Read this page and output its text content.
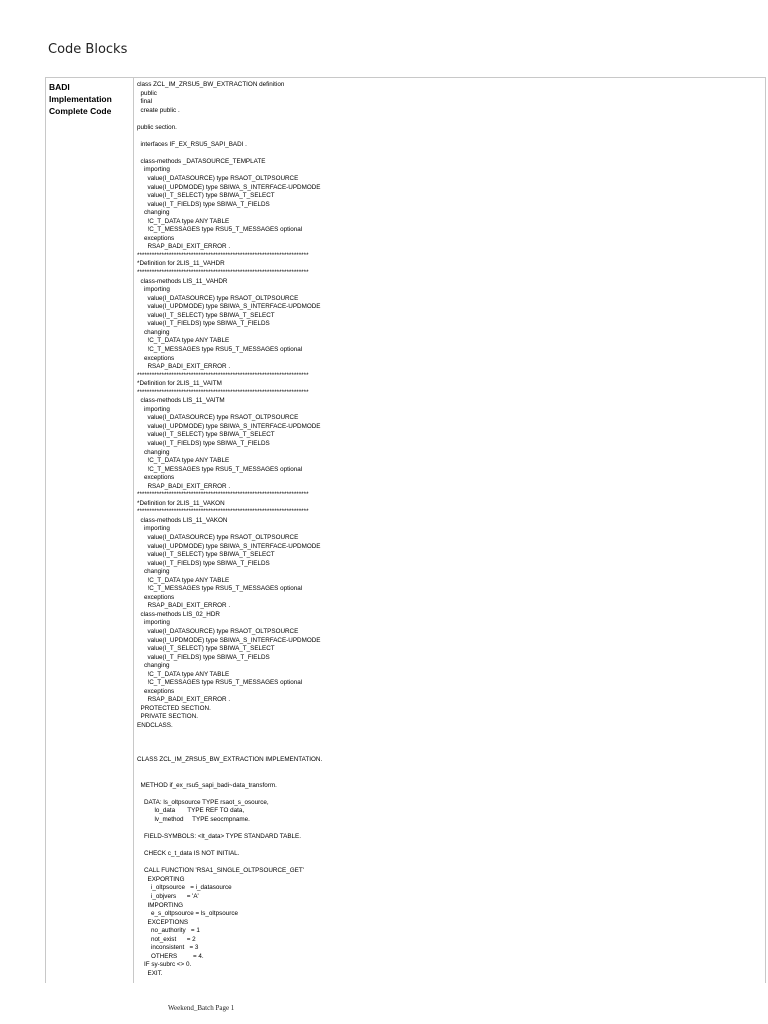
Code Blocks
BADI Implementation
Complete Code
class ZCL_IM_ZRSU5_BW_EXTRACTION definition
public
final
create public .

public section.

interfaces IF_EX_RSU5_SAPI_BADI .

class-methods _DATASOURCE_TEMPLATE
importing
value(I_DATASOURCE) type RSAOT_OLTPSOURCE
value(I_UPDMODE) type SBIWA_S_INTERFACE-UPDMODE
value(I_T_SELECT) type SBIWA_T_SELECT
value(I_T_FIELDS) type SBIWA_T_FIELDS
changing
!C_T_DATA type ANY TABLE
!C_T_MESSAGES type RSU5_T_MESSAGES optional
exceptions
RSAP_BADI_EXIT_ERROR .
**********************************************************************
*Definition for 2LIS_11_VAHDR
**********************************************************************
class-methods LIS_11_VAHDR
importing
value(I_DATASOURCE) type RSAOT_OLTPSOURCE
value(I_UPDMODE) type SBIWA_S_INTERFACE-UPDMODE
value(I_T_SELECT) type SBIWA_T_SELECT
value(I_T_FIELDS) type SBIWA_T_FIELDS
changing
!C_T_DATA type ANY TABLE
!C_T_MESSAGES type RSU5_T_MESSAGES optional
exceptions
RSAP_BADI_EXIT_ERROR .
**********************************************************************
*Definition for 2LIS_11_VAITM
**********************************************************************
class-methods LIS_11_VAITM
importing
value(I_DATASOURCE) type RSAOT_OLTPSOURCE
value(I_UPDMODE) type SBIWA_S_INTERFACE-UPDMODE
value(I_T_SELECT) type SBIWA_T_SELECT
value(I_T_FIELDS) type SBIWA_T_FIELDS
changing
!C_T_DATA type ANY TABLE
!C_T_MESSAGES type RSU5_T_MESSAGES optional
exceptions
RSAP_BADI_EXIT_ERROR .
**********************************************************************
*Definition for 2LIS_11_VAKON
**********************************************************************
class-methods LIS_11_VAKON
importing
value(I_DATASOURCE) type RSAOT_OLTPSOURCE
value(I_UPDMODE) type SBIWA_S_INTERFACE-UPDMODE
value(I_T_SELECT) type SBIWA_T_SELECT
value(I_T_FIELDS) type SBIWA_T_FIELDS
changing
!C_T_DATA type ANY TABLE
!C_T_MESSAGES type RSU5_T_MESSAGES optional
exceptions
RSAP_BADI_EXIT_ERROR .
class-methods LIS_02_HDR
importing
value(I_DATASOURCE) type RSAOT_OLTPSOURCE
value(I_UPDMODE) type SBIWA_S_INTERFACE-UPDMODE
value(I_T_SELECT) type SBIWA_T_SELECT
value(I_T_FIELDS) type SBIWA_T_FIELDS
changing
!C_T_DATA type ANY TABLE
!C_T_MESSAGES type RSU5_T_MESSAGES optional
exceptions
RSAP_BADI_EXIT_ERROR .
PROTECTED SECTION.
PRIVATE SECTION.
ENDCLASS.

CLASS ZCL_IM_ZRSU5_BW_EXTRACTION IMPLEMENTATION.

METHOD if_ex_rsu5_sapi_badi~data_transform.

DATA: ls_oltpsource TYPE rsaot_s_osource,
lo_data       TYPE REF TO data,
lv_method     TYPE seocmpname.

FIELD-SYMBOLS: <lt_data> TYPE STANDARD TABLE.

CHECK c_t_data IS NOT INITIAL.

CALL FUNCTION 'RSA1_SINGLE_OLTPSOURCE_GET'
EXPORTING
i_oltpsource   = i_datasource
i_objvers      = 'A'
IMPORTING
e_s_oltpsource = ls_oltpsource
EXCEPTIONS
no_authority   = 1
not_exist      = 2
inconsistent   = 3
OTHERS         = 4.
IF sy-subrc <> 0.
EXIT.
Weekend_Batch Page 1
